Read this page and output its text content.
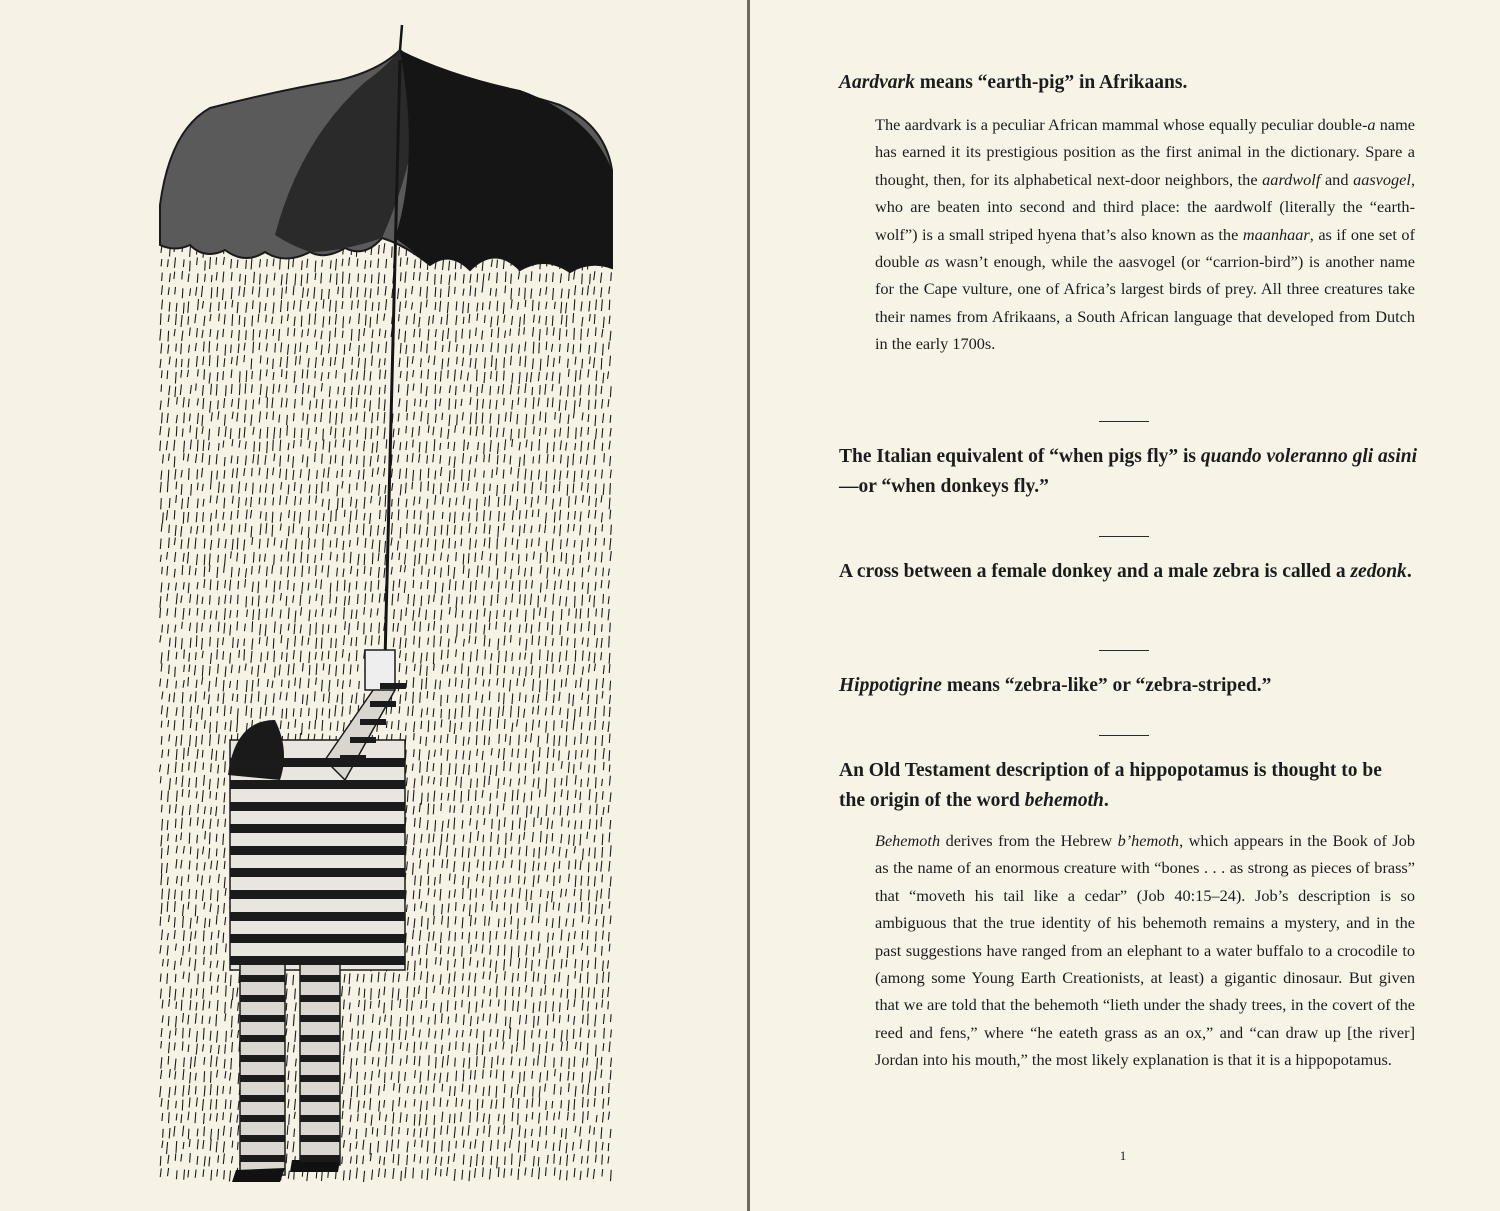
Aardvark means “earth-pig” in Afrikaans.

The aardvark is a peculiar African mammal whose equally peculiar double-a name has earned it its prestigious position as the first animal in the dictionary. Spare a thought, then, for its alphabetical next-door neighbors, the aardwolf and aasvogel, who are beaten into second and third place: the aardwolf (literally the “earth-wolf”) is a small striped hyena that’s also known as the maanhaar, as if one set of double as wasn’t enough, while the aasvogel (or “carrion-bird”) is another name for the Cape vulture, one of Africa’s largest birds of prey. All three creatures take their names from Afrikaans, a South African language that developed from Dutch in the early 1700s.

The Italian equivalent of “when pigs fly” is quando voleranno gli asini—or “when donkeys fly.”

A cross between a female donkey and a male zebra is called a zedonk.

Hippotigrine means “zebra-like” or “zebra-striped.”

An Old Testament description of a hippopotamus is thought to be the origin of the word behemoth.

Behemoth derives from the Hebrew b’hemoth, which appears in the Book of Job as the name of an enormous creature with “bones . . . as strong as pieces of brass” that “moveth his tail like a cedar” (Job 40:15–24). Job’s description is so ambiguous that the true identity of his behemoth remains a mystery, and in the past suggestions have ranged from an elephant to a water buffalo to a crocodile to (among some Young Earth Creationists, at least) a gigantic dinosaur. But given that we are told that the behemoth “lieth under the shady trees, in the covert of the reed and fens,” where “he eateth grass as an ox,” and “can draw up [the river] Jordan into his mouth,” the most likely explanation is that it is a hippopotamus.

1
